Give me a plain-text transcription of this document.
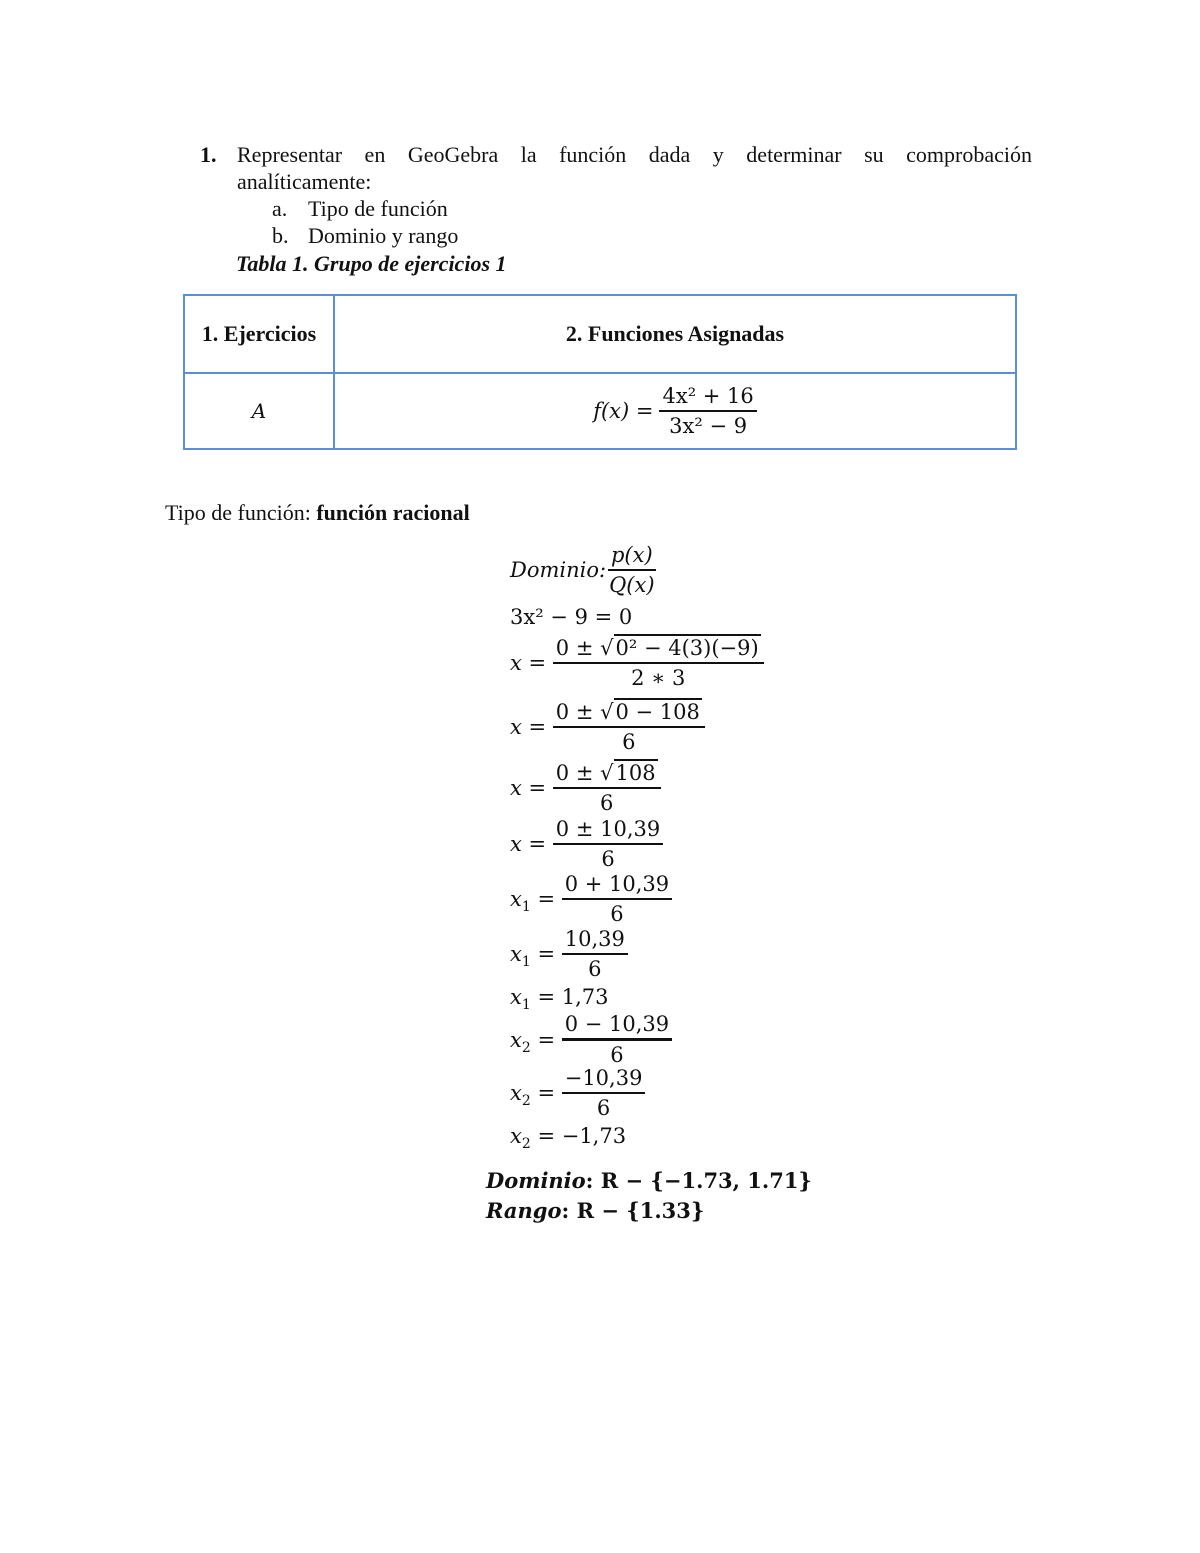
1. Representar en GeoGebra la función dada y determinar su comprobación
analíticamente:
a. Tipo de función
b. Dominio y rango
Tabla 1. Grupo de ejercicios 1
1. Ejercicios	2. Funciones Asignadas
A	$f(x) = \frac{\text{4x² + 16}}{\text{3x² − 9}}$
Tipo de función: función racional
Dominio: $\frac{p(x)}{Q(x)}$
3x² − 9 = 0
$x = \frac{\text{0 ± √0² − 4(3)(−9)}}{2 ∗ 3}$
$x = \frac{0 \pm √0 - 108}{6}$
$x = \frac{0 \pm √108}{6}$
$x = \frac{0 \pm 10,39}{6}$
$x_1 = \frac{0 + 10,39}{6}$
$x_1 = \frac{10,39}{6}$
$x_1 = 1,73$
$x_2 = \frac{0 - 10,39}{6}$
$x_2 = \frac{-10,39}{6}$
$x_2 = -1,73$
Dominio: R − {−1.73, 1.71}
Rango: R − {1.33}
